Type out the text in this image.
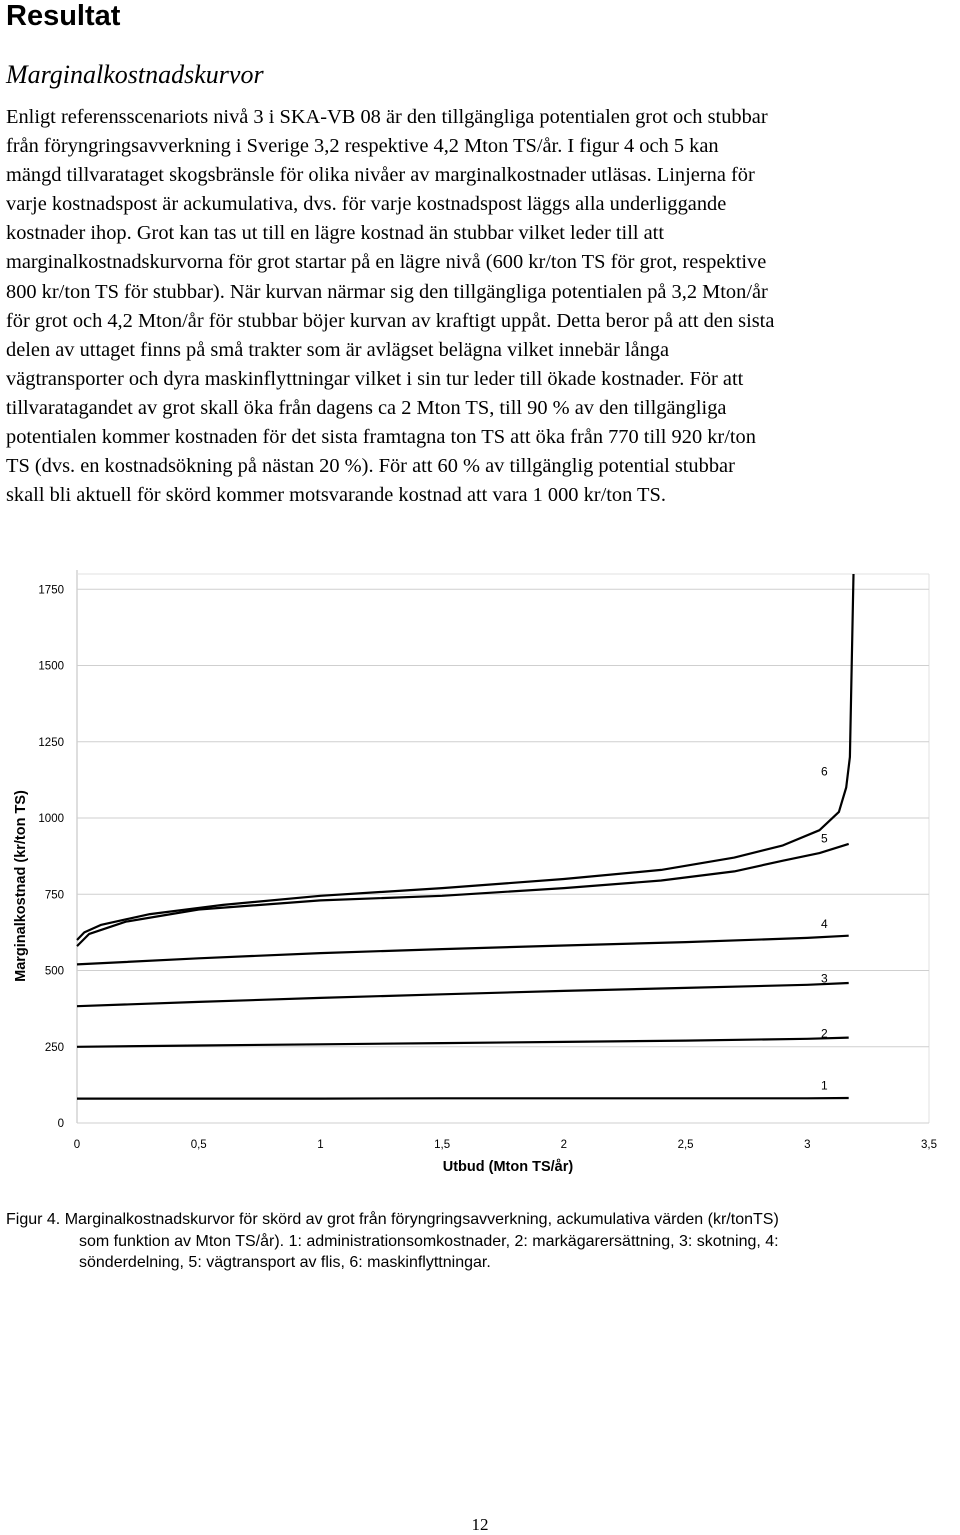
Resultat
Marginalkostnadskurvor
Enligt referensscenariots nivå 3 i SKA-VB 08 är den tillgängliga potentialen grot och stubbar
från föryngringsavverkning i Sverige 3,2 respektive 4,2 Mton TS/år. I figur 4 och 5 kan
mängd tillvarataget skogsbränsle för olika nivåer av marginalkostnader utläsas. Linjerna för
varje kostnadspost är ackumulativa, dvs. för varje kostnadspost läggs alla underliggande
kostnader ihop. Grot kan tas ut till en lägre kostnad än stubbar vilket leder till att
marginalkostnadskurvorna för grot startar på en lägre nivå (600 kr/ton TS för grot, respektive
800 kr/ton TS för stubbar). När kurvan närmar sig den tillgängliga potentialen på 3,2 Mton/år
för grot och 4,2 Mton/år för stubbar böjer kurvan av kraftigt uppåt. Detta beror på att den sista
delen av uttaget finns på små trakter som är avlägset belägna vilket innebär långa
vägtransporter och dyra maskinflyttningar vilket i sin tur leder till ökade kostnader. För att
tillvaratagandet av grot skall öka från dagens ca 2 Mton TS, till 90 % av den tillgängliga
potentialen kommer kostnaden för det sista framtagna ton TS att öka från 770 till 920 kr/ton
TS (dvs. en kostnadsökning på nästan 20 %). För att 60 % av tillgänglig potential stubbar
skall bli aktuell för skörd kommer motsvarande kostnad att vara 1 000 kr/ton TS.
0
250
500
750
1000
1250
1500
1750
0	0,5	1	1,5	2	2,5	3	3,5
1
2
3
4
5
6
Utbud (Mton TS/år)
Marginalkostnad (kr/ton TS)
Figur 4. Marginalkostnadskurvor för skörd av grot från föryngringsavverkning, ackumulativa värden (kr/tonTS)
som funktion av Mton TS/år). 1: administrationsomkostnader, 2: markägarersättning, 3: skotning, 4:
sönderdelning, 5: vägtransport av flis, 6: maskinflyttningar.
12
